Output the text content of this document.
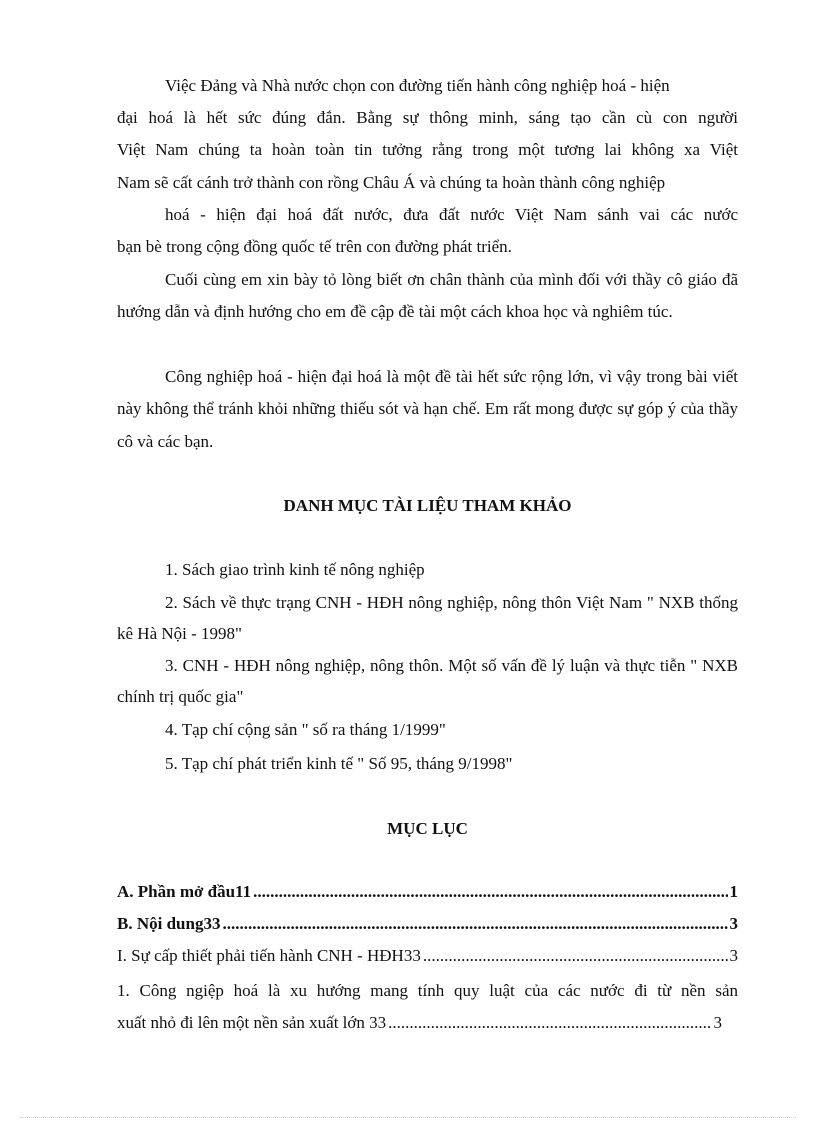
Việc Đảng và Nhà nước chọn con đường tiến hành công nghiệp hoá - hiện

đại hoá là hết sức đúng đắn. Bằng sự thông minh, sáng tạo cần cù con người

Việt Nam chúng ta hoàn toàn tin tưởng rằng trong một tương lai không xa Việt

Nam sẽ cất cánh trở thành con rồng Châu Á và chúng ta hoàn thành công nghiệp

hoá - hiện đại hoá đất nước, đưa đất nước Việt Nam sánh vai các nước

bạn bè trong cộng đồng quốc tế trên con đường phát triển.

Cuối cùng em xin bày tỏ lòng biết ơn chân thành của mình đối với thầy cô giáo đã hướng dẫn và định hướng cho em đề cập đề tài một cách khoa học và nghiêm túc.

Công nghiệp hoá - hiện đại hoá là một đề tài hết sức rộng lớn, vì vậy trong bài viết này không thể tránh khỏi những thiếu sót và hạn chế. Em rất mong được sự góp ý của thầy cô và các bạn.

DANH MỤC TÀI LIỆU THAM KHẢO

1. Sách giao trình kinh tế nông nghiệp

2. Sách về thực trạng CNH - HĐH nông nghiệp, nông thôn Việt Nam " NXB thống kê Hà Nội - 1998"

3. CNH - HĐH nông nghiệp, nông thôn. Một số vấn đề lý luận và thực tiễn " NXB chính trị quốc gia"

4. Tạp chí cộng sản " số ra tháng 1/1999"

5. Tạp chí phát triển kinh tế " Số 95, tháng 9/1998"

MỤC LỤC
A. Phần mở đầu11 .....	1
B. Nội dung33 .....	3
I. Sự cấp thiết phải tiến hành CNH - HĐH33 .....	3

1. Công ngiệp hoá là xu hướng mang tính quy luật của các nước đi từ nền sản

xuất nhỏ đi lên một nền sản xuất lớn 33 .....	3
